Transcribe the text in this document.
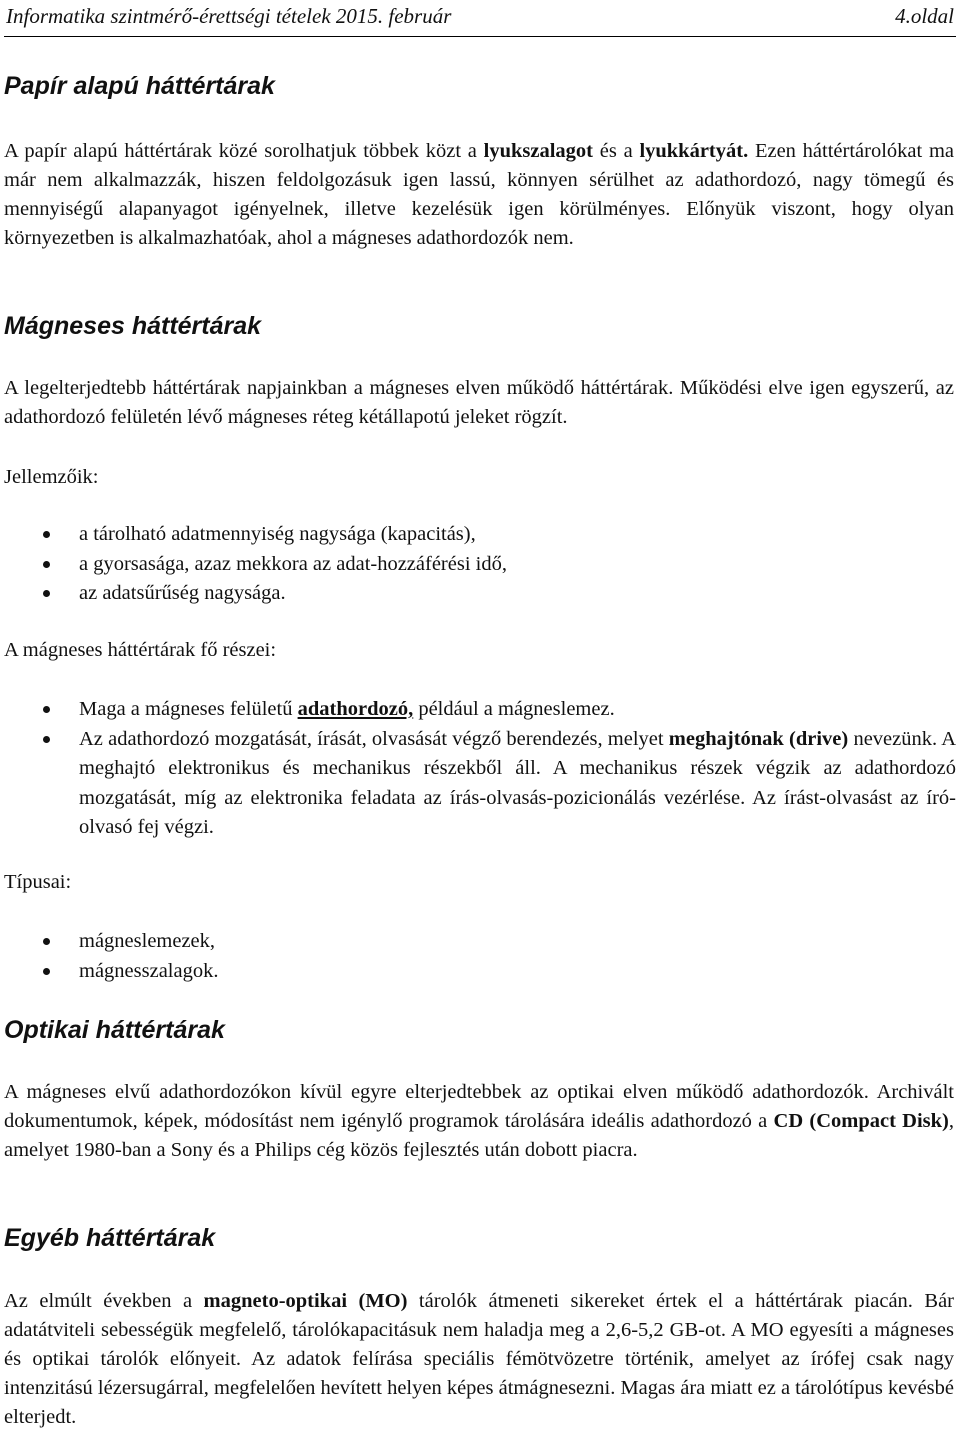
Informatika szintmérő-érettségi tételek 2015. február	4.oldal
Papír alapú háttértárak

A papír alapú háttértárak közé sorolhatjuk többek közt a lyukszalagot és a lyukkártyát. Ezen háttértárolókat ma már nem alkalmazzák, hiszen feldolgozásuk igen lassú, könnyen sérülhet az adathordozó, nagy tömegű és mennyiségű alapanyagot igényelnek, illetve kezelésük igen körülményes. Előnyük viszont, hogy olyan környezetben is alkalmazhatóak, ahol a mágneses adathordozók nem.

Mágneses háttértárak

A legelterjedtebb háttértárak napjainkban a mágneses elven működő háttértárak. Működési elve igen egyszerű, az adathordozó felületén lévő mágneses réteg kétállapotú jeleket rögzít.

Jellemzőik:

a tárolható adatmennyiség nagysága (kapacitás),
a gyorsasága, azaz mekkora az adat-hozzáférési idő,
az adatsűrűség nagysága.

A mágneses háttértárak fő részei:

Maga a mágneses felületű adathordozó, például a mágneslemez.
Az adathordozó mozgatását, írását, olvasását végző berendezés, melyet meghajtónak (drive) nevezünk. A meghajtó elektronikus és mechanikus részekből áll. A mechanikus részek végzik az adathordozó mozgatását, míg az elektronika feladata az írás-olvasás-pozicionálás vezérlése. Az írást-olvasást az író-olvasó fej végzi.

Típusai:

mágneslemezek,
mágnesszalagok.
Optikai háttértárak

A mágneses elvű adathordozókon kívül egyre elterjedtebbek az optikai elven működő adathordozók. Archivált dokumentumok, képek, módosítást nem igénylő programok tárolására ideális adathordozó a CD (Compact Disk), amelyet 1980-ban a Sony és a Philips cég közös fejlesztés után dobott piacra.

Egyéb háttértárak

Az elmúlt években a magneto-optikai (MO) tárolók átmeneti sikereket értek el a háttértárak piacán. Bár adatátviteli sebességük megfelelő, tárolókapacitásuk nem haladja meg a 2,6-5,2 GB-ot. A MO egyesíti a mágneses és optikai tárolók előnyeit. Az adatok felírása speciális fémötvözetre történik, amelyet az írófej csak nagy intenzitású lézersugárral, megfelelően hevített helyen képes átmágnesezni. Magas ára miatt ez a tárolótípus kevésbé elterjedt.
